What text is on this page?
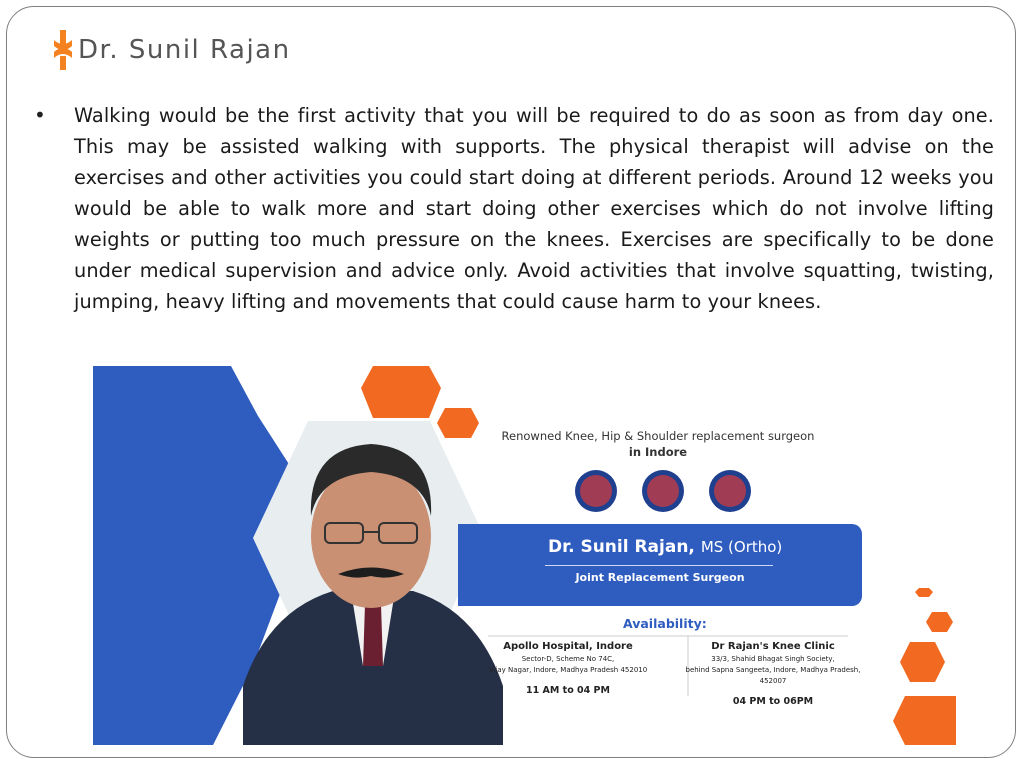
Dr. Sunil Rajan
• Walking would be the first activity that you will be required to do as soon as from day one. This may be assisted walking with supports. The physical therapist will advise on the exercises and other activities you could start doing at different periods. Around 12 weeks you would be able to walk more and start doing other exercises which do not involve lifting weights or putting too much pressure on the knees. Exercises are specifically to be done under medical supervision and advice only. Avoid activities that involve squatting, twisting, jumping, heavy lifting and movements that could cause harm to your knees.
Renowned Knee, Hip & Shoulder replacement surgeon
in Indore
Dr. Sunil Rajan, MS (Ortho)
Joint Replacement Surgeon
Availability:
Apollo Hospital, Indore
Sector-D, Scheme No 74C,
Vijay Nagar, Indore, Madhya Pradesh 452010
11 AM to 04 PM
Dr Rajan's Knee Clinic
33/3, Shahid Bhagat Singh Society,
behind Sapna Sangeeta, Indore, Madhya Pradesh, 452007
04 PM to 06PM
